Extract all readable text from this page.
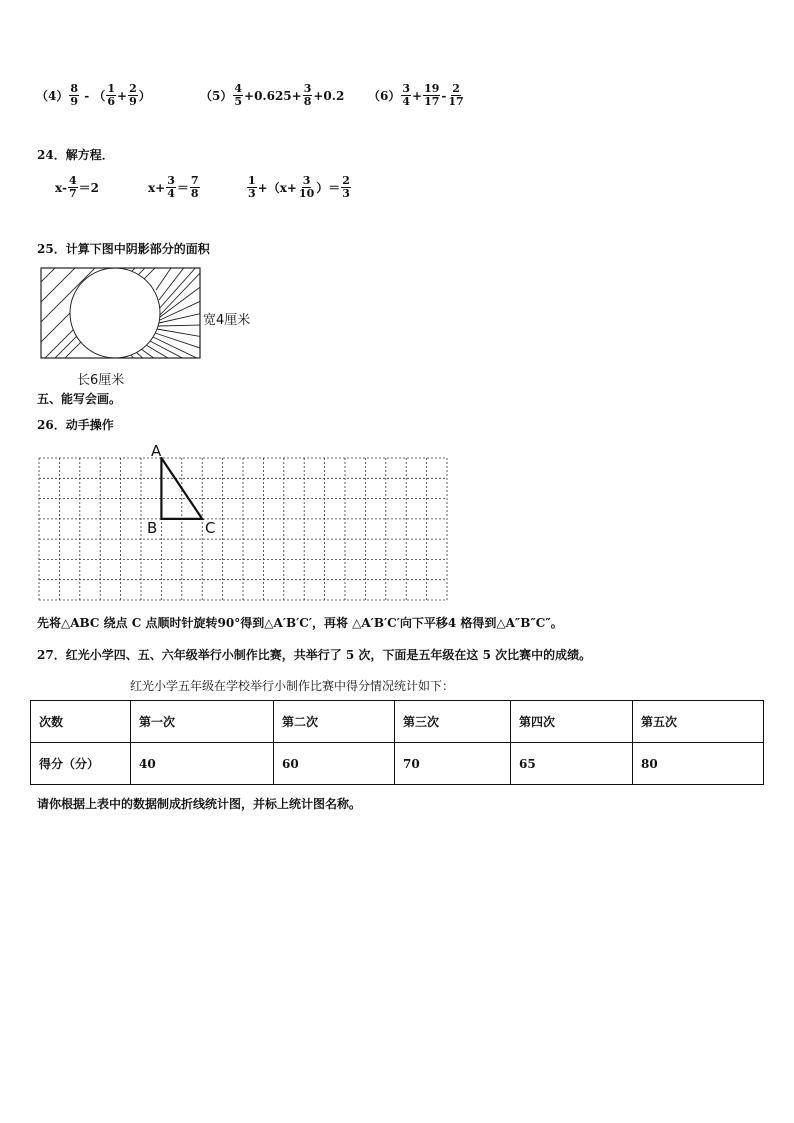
$(4) \frac{8}{9}$ - （ $\frac{1}{6} + \frac{2}{9}$ ）	$(5) \frac{4}{5} +0.625+ \frac{3}{8} +0.2$ $(6) \frac{3}{4} + \frac{19}{17} - \frac{2}{17}$
24．解方程．
$x- \frac{4}{7} =2$	$x+ \frac{3}{4} = \frac{7}{8}$	$\frac{1}{3} +(x+ \frac{3}{10}$ ）＝ $\frac{2}{3}$
25．计算下图中阴影部分的面积
宽4厘米
长6厘米
五、能写会画。
26．动手操作
A
B	C
先将△ABC 绕点 C 点顺时针旋转90°得到△A′B′C′，再将 △A′B′C′向下平移4 格得到△A″B″C″。
27．红光小学四、五、六年级举行小制作比赛，共举行了 5 次，下面是五年级在这 5 次比赛中的成绩。
红光小学五年级在学校举行小制作比赛中得分情况统计如下：
次数	第一次	第二次	第三次	第四次	第五次
得分（分）	40	60	70	65	80
请你根据上表中的数据制成折线统计图，并标上统计图名称。
